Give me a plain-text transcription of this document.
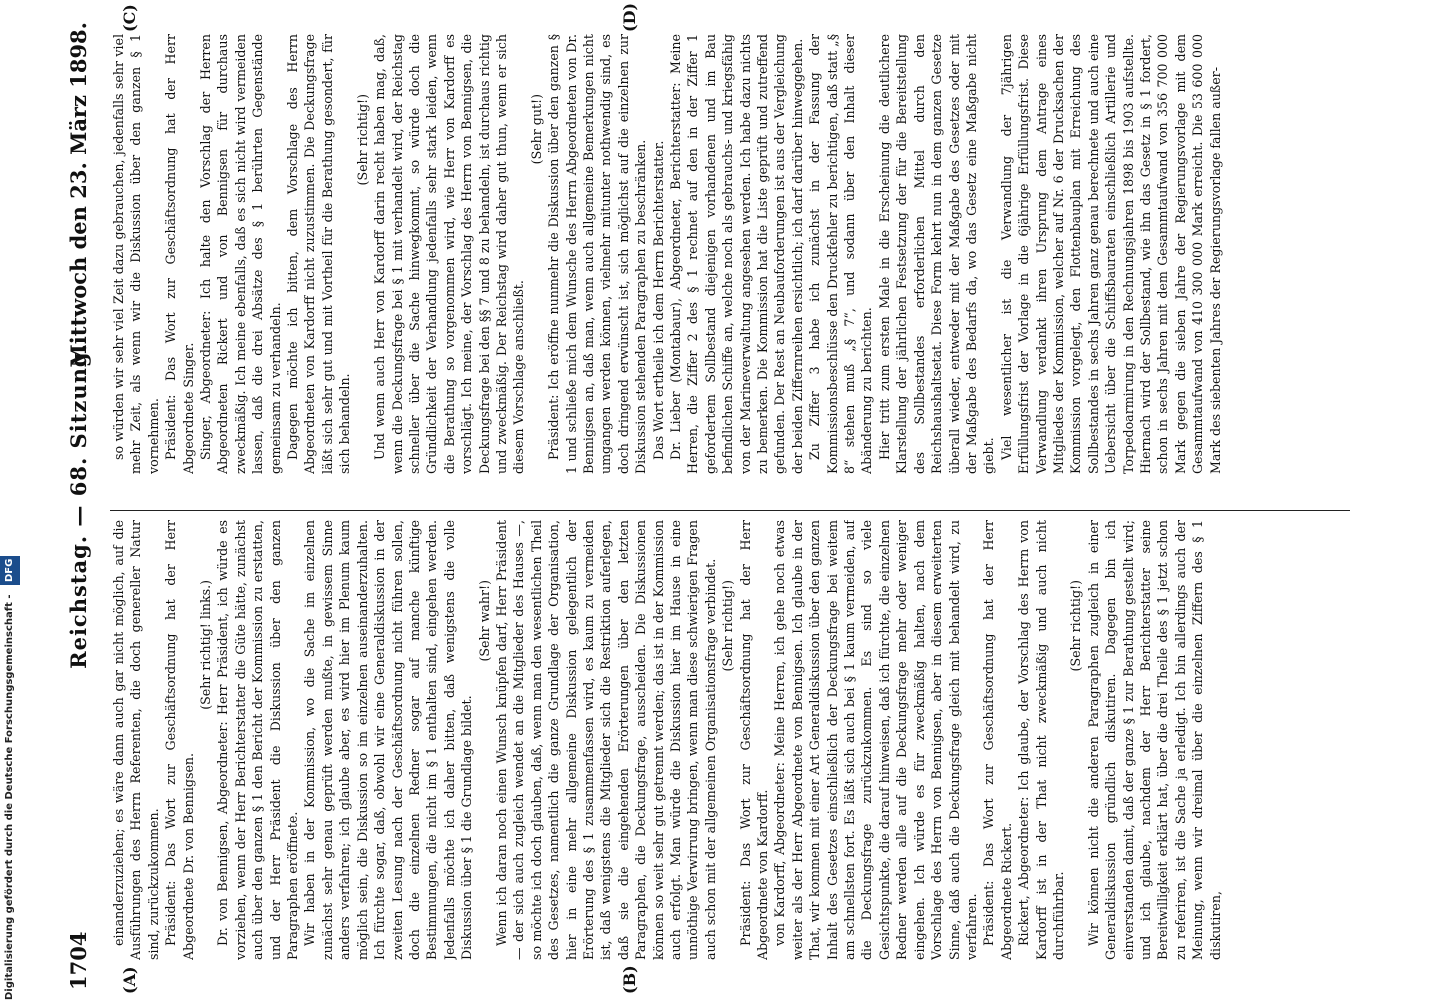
1704
Reichstag. — 68. Sitzung.
Mittwoch den 23. März 1898.
(A)	(B)
(C)	(D)

einanderzuziehen; es wäre dann auch gar nicht möglich, auf die Ausführungen des Herrn Referenten, die doch genereller Natur sind, zurückzukommen. Präsident: Das Wort zur Geschäftsordnung hat der Herr Abgeordnete Dr. von Bennigsen.

(Sehr richtig! links.) Dr. von Bennigsen, Abgeordneter: Herr Präsident, ich würde es vorziehen, wenn der Herr Berichterstatter die Güte hätte, zunächst auch über den ganzen § 1 den Bericht der Kommission zu erstatten, und der Herr Präsident die Diskussion über den ganzen Paragraphen eröffnete. Wir haben in der Kommission, wo die Sache im einzelnen zunächst sehr genau geprüft werden mußte, in gewissem Sinne anders verfahren; ich glaube aber, es wird hier im Plenum kaum möglich sein, die Diskussion so im einzelnen auseinanderzuhalten. Ich fürchte sogar, daß, obwohl wir eine Generaldiskussion in der zweiten Lesung nach der Geschäftsordnung nicht führen sollen, doch die einzelnen Redner sogar auf manche künftige Bestimmungen, die nicht im § 1 enthalten sind, eingehen werden. Jedenfalls möchte ich daher bitten, daß wenigstens die volle Diskussion über § 1 die Grundlage bildet.

(Sehr wahr!) Wenn ich daran noch einen Wunsch knüpfen darf, Herr Präsident — der sich auch zugleich wendet an die Mitglieder des Hauses —, so möchte ich doch glauben, daß, wenn man den wesentlichen Theil des Gesetzes, namentlich die ganze Grundlage der Organisation, hier in eine mehr allgemeine Diskussion gelegentlich der Erörterung des § 1 zusammenfassen wird, es kaum zu vermeiden ist, daß wenigstens die Mitglieder sich die Restriktion auferlegen, daß sie die eingehenden Erörterungen über den letzten Paragraphen, die Deckungsfrage, ausscheiden. Die Diskussionen können so weit sehr gut getrennt werden; das ist in der Kommission auch erfolgt. Man würde die Diskussion hier im Hause in eine unnöthige Verwirrung bringen, wenn man diese schwierigen Fragen auch schon mit der allgemeinen Organisationsfrage verbindet. (Sehr richtig!) Präsident: Das Wort zur Geschäftsordnung hat der Herr Abgeordnete von Kardorff. von Kardorff, Abgeordneter: Meine Herren, ich gehe noch etwas weiter als der Herr Abgeordnete von Bennigsen. Ich glaube in der That, wir kommen mit einer Art Generaldiskussion über den ganzen Inhalt des Gesetzes einschließlich der Deckungsfrage bei weitem am schnellsten fort. Es läßt sich auch bei § 1 kaum vermeiden, auf die Deckungsfrage zurückzukommen. Es sind so viele Gesichtspunkte, die darauf hinweisen, daß ich fürchte, die einzelnen Redner werden alle auf die Deckungsfrage mehr oder weniger eingehen. Ich würde es für zweckmäßig halten, nach dem Vorschlage des Herrn von Bennigsen, aber in diesem erweiterten Sinne, daß auch die Deckungsfrage gleich mit behandelt wird, zu verfahren. Präsident: Das Wort zur Geschäftsordnung hat der Herr Abgeordnete Rickert. Rickert, Abgeordneter: Ich glaube, der Vorschlag des Herrn von Kardorff ist in der That nicht zweckmäßig und auch nicht durchführbar.

(Sehr richtig!) Wir können nicht die anderen Paragraphen zugleich in einer Generaldiskussion gründlich diskutiren. Dagegen bin ich einverstanden damit, daß der ganze § 1 zur Berathung gestellt wird; und ich glaube, nachdem der Herr Berichterstatter seine Bereitwilligkeit erklärt hat, über die drei Theile des § 1 jetzt schon zu referiren, ist die Sache ja erledigt. Ich bin allerdings auch der Meinung, wenn wir dreimal über die einzelnen Ziffern des § 1 diskutiren,

so würden wir sehr viel Zeit dazu gebrauchen, jedenfalls sehr viel mehr Zeit, als wenn wir die Diskussion über den ganzen § 1 vornehmen. Präsident: Das Wort zur Geschäftsordnung hat der Herr Abgeordnete Singer. Singer, Abgeordneter: Ich halte den Vorschlag der Herren Abgeordneten Rickert und von Bennigsen für durchaus zweckmäßig. Ich meine ebenfalls, daß es sich nicht wird vermeiden lassen, daß die drei Absätze des § 1 berührten Gegenstände gemeinsam zu verhandeln. Dagegen möchte ich bitten, dem Vorschlage des Herrn Abgeordneten von Kardorff nicht zuzustimmen. Die Deckungsfrage läßt sich sehr gut und mit Vortheil für die Berathung gesondert, für sich behandeln.

(Sehr richtig!) Und wenn auch Herr von Kardorff darin recht haben mag, daß, wenn die Deckungsfrage bei § 1 mit verhandelt wird, der Reichstag schneller über die Sache hinwegkommt, so würde doch die Gründlichkeit der Verhandlung jedenfalls sehr stark leiden, wenn die Berathung so vorgenommen wird, wie Herr von Kardorff es vorschlägt. Ich meine, der Vorschlag des Herrn von Bennigsen, die Deckungsfrage bei den §§ 7 und 8 zu behandeln, ist durchaus richtig und zweckmäßig. Der Reichstag wird daher gut thun, wenn er sich diesem Vorschlage anschließt.

(Sehr gut!) Präsident: Ich eröffne nunmehr die Diskussion über den ganzen § 1 und schließe mich dem Wunsche des Herrn Abgeordneten von Dr. Bennigsen an, daß man, wenn auch allgemeine Bemerkungen nicht umgangen werden können, vielmehr mitunter nothwendig sind, es doch dringend erwünscht ist, sich möglichst auf die einzelnen zur Diskussion stehenden Paragraphen zu beschränken. Das Wort ertheile ich dem Herrn Berichterstatter. Dr. Lieber (Montabaur), Abgeordneter, Berichterstatter: Meine Herren, die Ziffer 2 des § 1 rechnet auf den in der Ziffer 1 gefordertem Sollbestand diejenigen vorhandenen und im Bau befindlichen Schiffe an, welche noch als gebrauchs- und kriegsfähig von der Marineverwaltung angesehen werden. Ich habe dazu nichts zu bemerken. Die Kommission hat die Liste geprüft und zutreffend gefunden. Der Rest an Neubauforderungen ist aus der Vergleichung der beiden Ziffernreihen ersichtlich; ich darf darüber hinweggehen. Zu Ziffer 3 habe ich zunächst in der Fassung der Kommissionsbeschlüsse den Druckfehler zu berichtigen, daß statt „§ 8“ stehen muß „§ 7“, und sodann über den Inhalt dieser Abänderung zu berichten. Hier tritt zum ersten Male in die Erscheinung die deutlichere Klarstellung der jährlichen Festsetzung der für die Bereitstellung des Sollbestandes erforderlichen Mittel durch den Reichshaushaltsetat. Diese Form kehrt nun in dem ganzen Gesetze überall wieder, entweder mit der Maßgabe des Gesetzes oder mit der Maßgabe des Bedarfs da, wo das Gesetz eine Maßgabe nicht giebt. Viel wesentlicher ist die Verwandlung der 7jährigen Erfüllungsfrist der Vorlage in die 6jährige Erfüllungsfrist. Diese Verwandlung verdankt ihren Ursprung dem Antrage eines Mitgliedes der Kommission, welcher auf Nr. 6 der Drucksachen der Kommission vorgelegt, den Flottenbauplan mit Erreichung des Sollbestandes in sechs Jahren ganz genau berechnete und auch eine Uebersicht über die Schiffsbauraten einschließlich Artillerie und Torpedoarmirung in den Rechnungsjahren 1898 bis 1903 aufstellte. Hiernach wird der Sollbestand, wie ihn das Gesetz in § 1 fordert, schon in sechs Jahren mit dem Gesammtaufwand von 356 700 000 Mark gegen die sieben Jahre der Regierungsvorlage mit dem Gesammtaufwand von 410 300 000 Mark erreicht. Die 53 600 000 Mark des siebenten Jahres der Regierungsvorlage fallen außer-

Digitalisierung gefördert durch die Deutsche Forschungsgemeinschaft - DFG
